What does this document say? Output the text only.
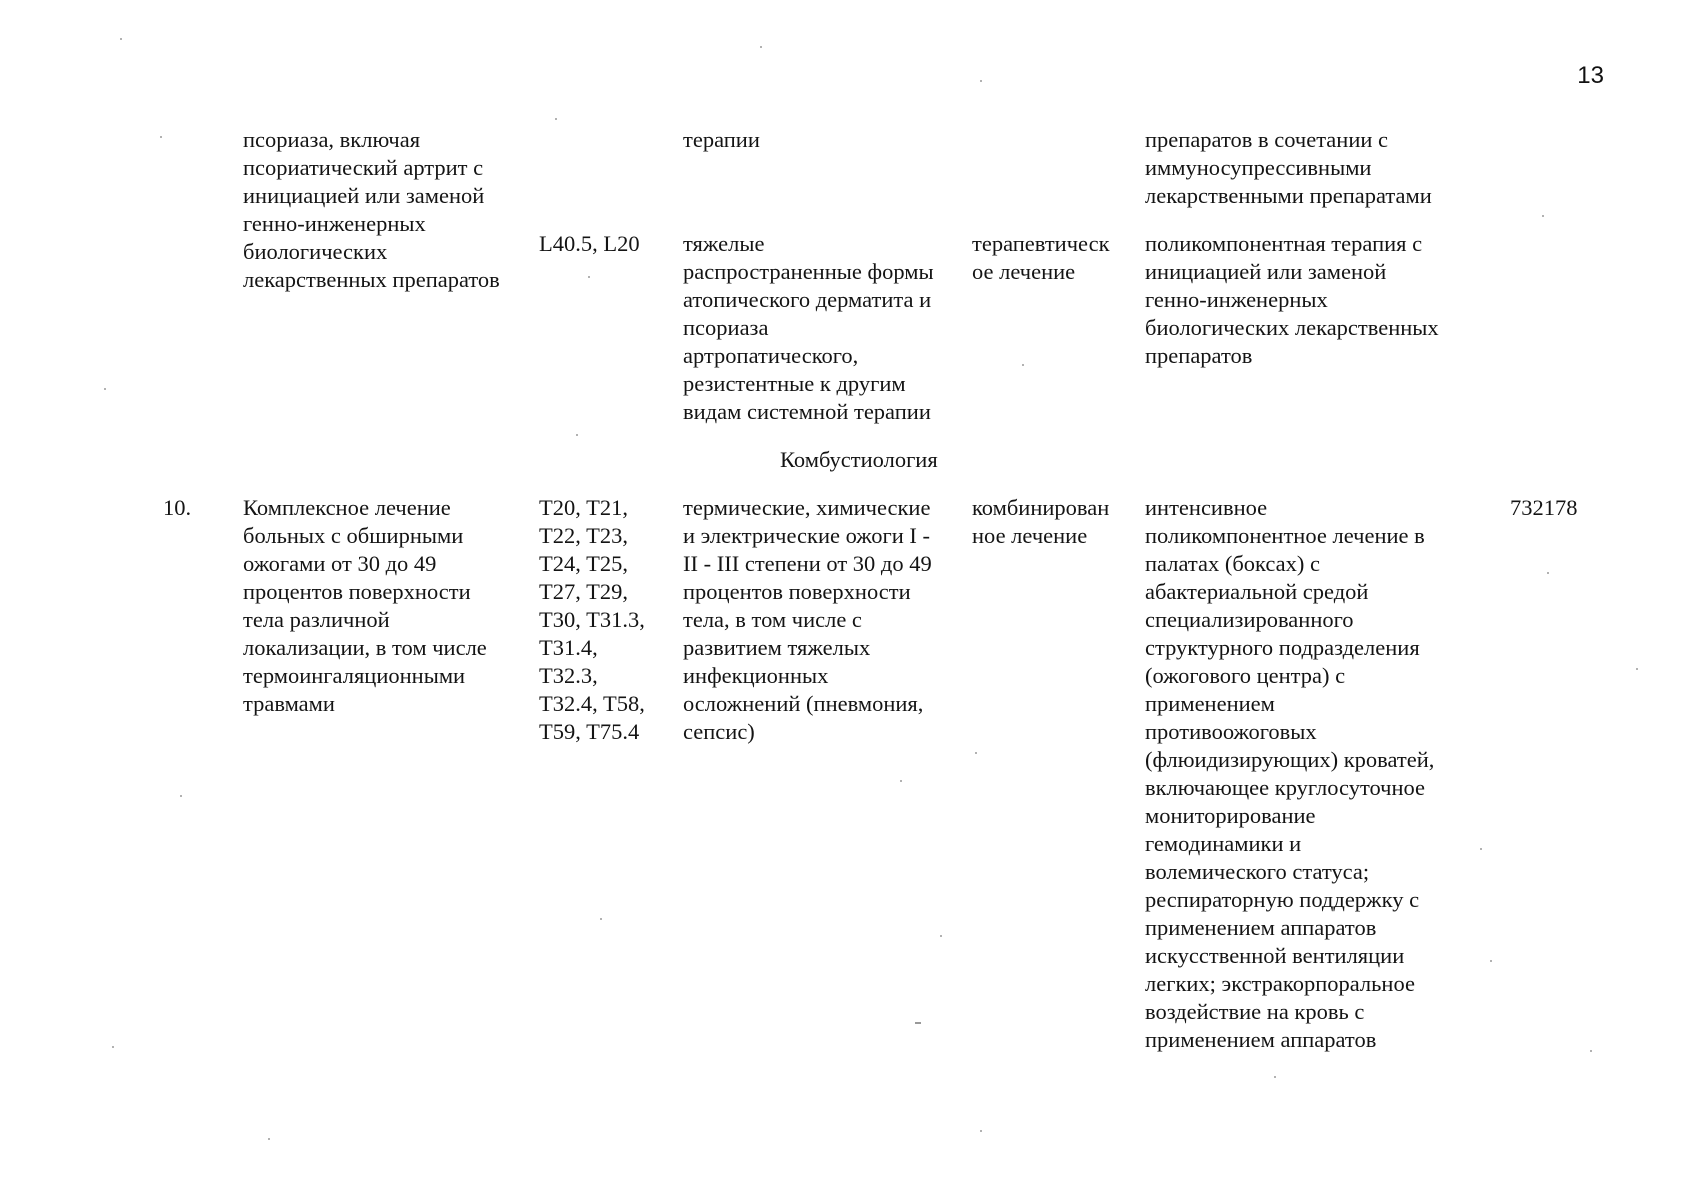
13
псориаза, включая
псориатический артрит с
инициацией или заменой
генно-инженерных
биологических
лекарственных препаратов
терапии	препаратов в сочетании с
иммуносупрессивными
лекарственными препаратами
L40.5, L20	тяжелые
распространенные формы
атопического дерматита и
псориаза
артропатического,
резистентные к другим
видам системной терапии
терапевтическ
ое лечение
поликомпонентная терапия с
инициацией или заменой
генно-инженерных
биологических лекарственных
препаратов
Комбустиология
10. Комплексное лечение
больных с обширными
ожогами от 30 до 49
процентов поверхности
тела различной
локализации, в том числе
термоингаляционными
травмами
T20, T21,
T22, T23,
T24, T25,
T27, T29,
T30, T31.3,
T31.4,
T32.3,
T32.4, T58,
T59, T75.4
термические, химические
и электрические ожоги I -
II - III степени от 30 до 49
процентов поверхности
тела, в том числе с
развитием тяжелых
инфекционных
осложнений (пневмония,
сепсис)
комбинирован
ное лечение
интенсивное
поликомпонентное лечение в
палатах (боксах) с
абактериальной средой
специализированного
структурного подразделения
(ожогового центра) с
применением
противоожоговых
(флюидизирующих) кроватей,
включающее круглосуточное
мониторирование
гемодинамики и
волемического статуса;
респираторную поддержку с
применением аппаратов
искусственной вентиляции
легких; экстракорпоральное
воздействие на кровь с
применением аппаратов
732178
